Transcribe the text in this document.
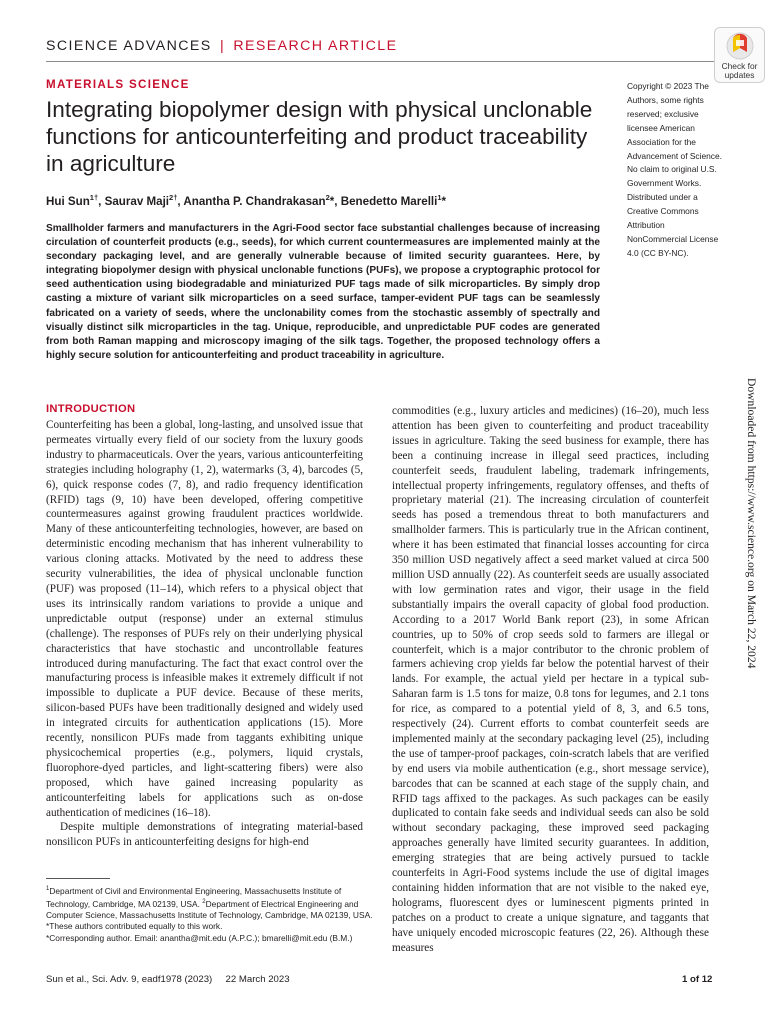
SCIENCE ADVANCES | RESEARCH ARTICLE
Check for updates
MATERIALS SCIENCE
Integrating biopolymer design with physical unclonable functions for anticounterfeiting and product traceability in agriculture
Hui Sun$^{1\dagger}$, Saurav Maji$^{2\dagger}$, Anantha P. Chandrakasan$^2$*, Benedetto Marelli$^1$*

Smallholder farmers and manufacturers in the Agri-Food sector face substantial challenges because of increasing circulation of counterfeit products (e.g., seeds), for which current countermeasures are implemented mainly at the secondary packaging level, and are generally vulnerable because of limited security guarantees. Here, by integrating biopolymer design with physical unclonable functions (PUFs), we propose a cryptographic protocol for seed authentication using biodegradable and miniaturized PUF tags made of silk microparticles. By simply drop casting a mixture of variant silk microparticles on a seed surface, tamper-evident PUF tags can be seamlessly fabricated on a variety of seeds, where the unclonability comes from the stochastic assembly of spectrally and visually distinct silk microparticles in the tag. Unique, reproducible, and unpredictable PUF codes are generated from both Raman mapping and microscopy imaging of the silk tags. Together, the proposed technology offers a highly secure solution for anticounterfeiting and product traceability in agriculture.

Copyright © 2023 The Authors, some rights reserved; exclusive licensee American Association for the Advancement of Science. No claim to original U.S. Government Works. Distributed under a Creative Commons Attribution NonCommercial License 4.0 (CC BY-NC).
Downloaded from https://www.science.org on March 22, 2024
INTRODUCTION

Counterfeiting has been a global, long-lasting, and unsolved issue that permeates virtually every field of our society from the luxury goods industry to pharmaceuticals. Over the years, various anticounterfeiting strategies including holography (1, 2), watermarks (3, 4), barcodes (5, 6), quick response codes (7, 8), and radio frequency identification (RFID) tags (9, 10) have been developed, offering competitive countermeasures against growing fraudulent practices worldwide. Many of these anticounterfeiting technologies, however, are based on deterministic encoding mechanism that has inherent vulnerability to various cloning attacks. Motivated by the need to address these security vulnerabilities, the idea of physical unclonable function (PUF) was proposed (11–14), which refers to a physical object that uses its intrinsically random variations to provide a unique and unpredictable output (response) under an external stimulus (challenge). The responses of PUFs rely on their underlying physical characteristics that have stochastic and uncontrollable features introduced during manufacturing. The fact that exact control over the manufacturing process is infeasible makes it extremely difficult if not impossible to duplicate a PUF device. Because of these merits, silicon-based PUFs have been traditionally designed and widely used in integrated circuits for authentication applications (15). More recently, nonsilicon PUFs made from taggants exhibiting unique physicochemical properties (e.g., polymers, liquid crystals, fluorophore-dyed particles, and light-scattering fibers) were also proposed, which have gained increasing popularity as anticounterfeiting labels for applications such as on-dose authentication of medicines (16–18).

Despite multiple demonstrations of integrating material-based nonsilicon PUFs in anticounterfeiting designs for high-end

commodities (e.g., luxury articles and medicines) (16–20), much less attention has been given to counterfeiting and product traceability issues in agriculture. Taking the seed business for example, there has been a continuing increase in illegal seed practices, including counterfeit seeds, fraudulent labeling, trademark infringements, intellectual property infringements, regulatory offenses, and thefts of proprietary material (21). The increasing circulation of counterfeit seeds has posed a tremendous threat to both manufacturers and smallholder farmers. This is particularly true in the African continent, where it has been estimated that financial losses accounting for circa 350 million USD negatively affect a seed market valued at circa 500 million USD annually (22). As counterfeit seeds are usually associated with low germination rates and vigor, their usage in the field substantially impairs the overall capacity of global food production. According to a 2017 World Bank report (23), in some African countries, up to 50% of crop seeds sold to farmers are illegal or counterfeit, which is a major contributor to the chronic problem of farmers achieving crop yields far below the potential harvest of their lands. For example, the actual yield per hectare in a typical sub-Saharan farm is 1.5 tons for maize, 0.8 tons for legumes, and 2.1 tons for rice, as compared to a potential yield of 8, 3, and 6.5 tons, respectively (24). Current efforts to combat counterfeit seeds are implemented mainly at the secondary packaging level (25), including the use of tamper-proof packages, coin-scratch labels that are verified by end users via mobile authentication (e.g., short message service), barcodes that can be scanned at each stage of the supply chain, and RFID tags affixed to the packages. As such packages can be easily duplicated to contain fake seeds and individual seeds can also be sold without secondary packaging, these improved seed packaging approaches generally have limited security guarantees. In addition, emerging strategies that are being actively pursued to tackle counterfeits in Agri-Food systems include the use of digital images containing hidden information that are not visible to the naked eye, holograms, fluorescent dyes or luminescent pigments printed in patches on a product to create a unique signature, and taggants that have uniquely encoded microscopic features (22, 26). Although these measures

$^1$Department of Civil and Environmental Engineering, Massachusetts Institute of Technology, Cambridge, MA 02139, USA. $^2$Department of Electrical Engineering and Computer Science, Massachusetts Institute of Technology, Cambridge, MA 02139, USA.

*These authors contributed equally to this work.

*Corresponding author. Email: anantha@mit.edu (A.P.C.); bmarelli@mit.edu (B.M.)

Sun et al., Sci. Adv. 9, eadf1978 (2023)     22 March 2023	1 of 12
